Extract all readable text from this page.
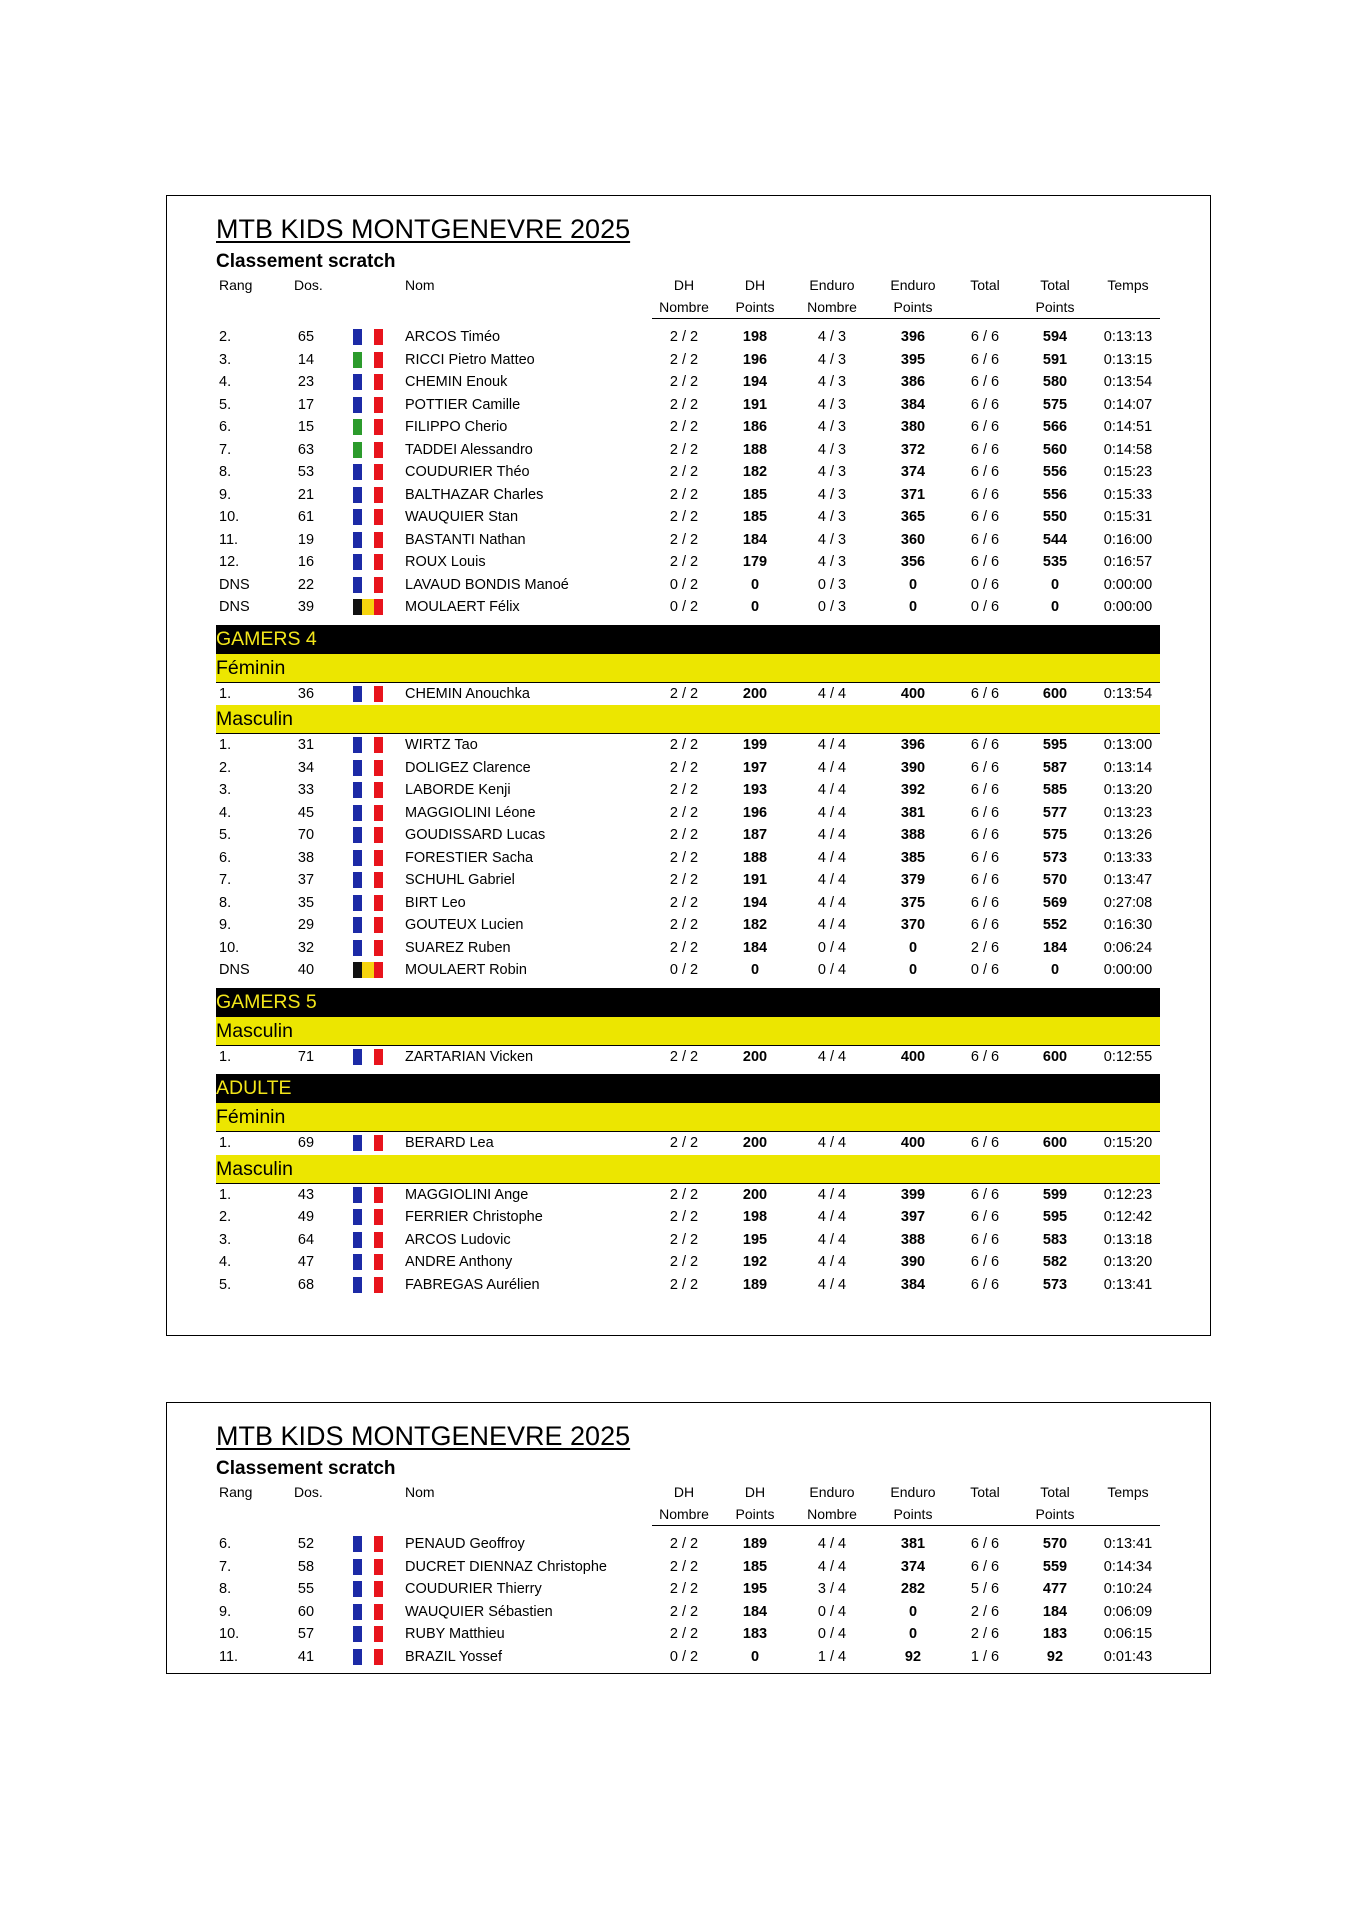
MTB KIDS MONTGENEVRE 2025
Classement scratch
Rang	Dos.		Nom	DH	DH	Enduro	Enduro	Total	Total	Temps
				Nombre	Points	Nombre	Points		Points	

2.	65		ARCOS Timéo	2 / 2	198	4 / 3	396	6 / 6	594	0:13:13
3.	14		RICCI Pietro Matteo	2 / 2	196	4 / 3	395	6 / 6	591	0:13:15
4.	23		CHEMIN Enouk	2 / 2	194	4 / 3	386	6 / 6	580	0:13:54
5.	17		POTTIER Camille	2 / 2	191	4 / 3	384	6 / 6	575	0:14:07
6.	15		FILIPPO Cherio	2 / 2	186	4 / 3	380	6 / 6	566	0:14:51
7.	63		TADDEI Alessandro	2 / 2	188	4 / 3	372	6 / 6	560	0:14:58
8.	53		COUDURIER Théo	2 / 2	182	4 / 3	374	6 / 6	556	0:15:23
9.	21		BALTHAZAR Charles	2 / 2	185	4 / 3	371	6 / 6	556	0:15:33
10.	61		WAUQUIER Stan	2 / 2	185	4 / 3	365	6 / 6	550	0:15:31
11.	19		BASTANTI Nathan	2 / 2	184	4 / 3	360	6 / 6	544	0:16:00
12.	16		ROUX Louis	2 / 2	179	4 / 3	356	6 / 6	535	0:16:57
DNS	22		LAVAUD BONDIS Manoé	0 / 2	0	0 / 3	0	0 / 6	0	0:00:00
DNS	39		MOULAERT Félix	0 / 2	0	0 / 3	0	0 / 6	0	0:00:00

GAMERS 4										
Féminin										
1.	36		CHEMIN Anouchka	2 / 2	200	4 / 4	400	6 / 6	600	0:13:54
Masculin										
1.	31		WIRTZ Tao	2 / 2	199	4 / 4	396	6 / 6	595	0:13:00
2.	34		DOLIGEZ Clarence	2 / 2	197	4 / 4	390	6 / 6	587	0:13:14
3.	33		LABORDE Kenji	2 / 2	193	4 / 4	392	6 / 6	585	0:13:20
4.	45		MAGGIOLINI Léone	2 / 2	196	4 / 4	381	6 / 6	577	0:13:23
5.	70		GOUDISSARD Lucas	2 / 2	187	4 / 4	388	6 / 6	575	0:13:26
6.	38		FORESTIER Sacha	2 / 2	188	4 / 4	385	6 / 6	573	0:13:33
7.	37		SCHUHL Gabriel	2 / 2	191	4 / 4	379	6 / 6	570	0:13:47
8.	35		BIRT Leo	2 / 2	194	4 / 4	375	6 / 6	569	0:27:08
9.	29		GOUTEUX Lucien	2 / 2	182	4 / 4	370	6 / 6	552	0:16:30
10.	32		SUAREZ Ruben	2 / 2	184	0 / 4	0	2 / 6	184	0:06:24
DNS	40		MOULAERT Robin	0 / 2	0	0 / 4	0	0 / 6	0	0:00:00

GAMERS 5										
Masculin										
1.	71		ZARTARIAN Vicken	2 / 2	200	4 / 4	400	6 / 6	600	0:12:55

ADULTE										
Féminin										
1.	69		BERARD Lea	2 / 2	200	4 / 4	400	6 / 6	600	0:15:20
Masculin										
1.	43		MAGGIOLINI Ange	2 / 2	200	4 / 4	399	6 / 6	599	0:12:23
2.	49		FERRIER Christophe	2 / 2	198	4 / 4	397	6 / 6	595	0:12:42
3.	64		ARCOS Ludovic	2 / 2	195	4 / 4	388	6 / 6	583	0:13:18
4.	47		ANDRE Anthony	2 / 2	192	4 / 4	390	6 / 6	582	0:13:20
5.	68		FABREGAS Aurélien	2 / 2	189	4 / 4	384	6 / 6	573	0:13:41
MTB KIDS MONTGENEVRE 2025
Classement scratch
Rang	Dos.		Nom	DH	DH	Enduro	Enduro	Total	Total	Temps
				Nombre	Points	Nombre	Points		Points	

6.	52		PENAUD Geoffroy	2 / 2	189	4 / 4	381	6 / 6	570	0:13:41
7.	58		DUCRET DIENNAZ Christophe	2 / 2	185	4 / 4	374	6 / 6	559	0:14:34
8.	55		COUDURIER Thierry	2 / 2	195	3 / 4	282	5 / 6	477	0:10:24
9.	60		WAUQUIER Sébastien	2 / 2	184	0 / 4	0	2 / 6	184	0:06:09
10.	57		RUBY Matthieu	2 / 2	183	0 / 4	0	2 / 6	183	0:06:15
11.	41		BRAZIL Yossef	0 / 2	0	1 / 4	92	1 / 6	92	0:01:43
